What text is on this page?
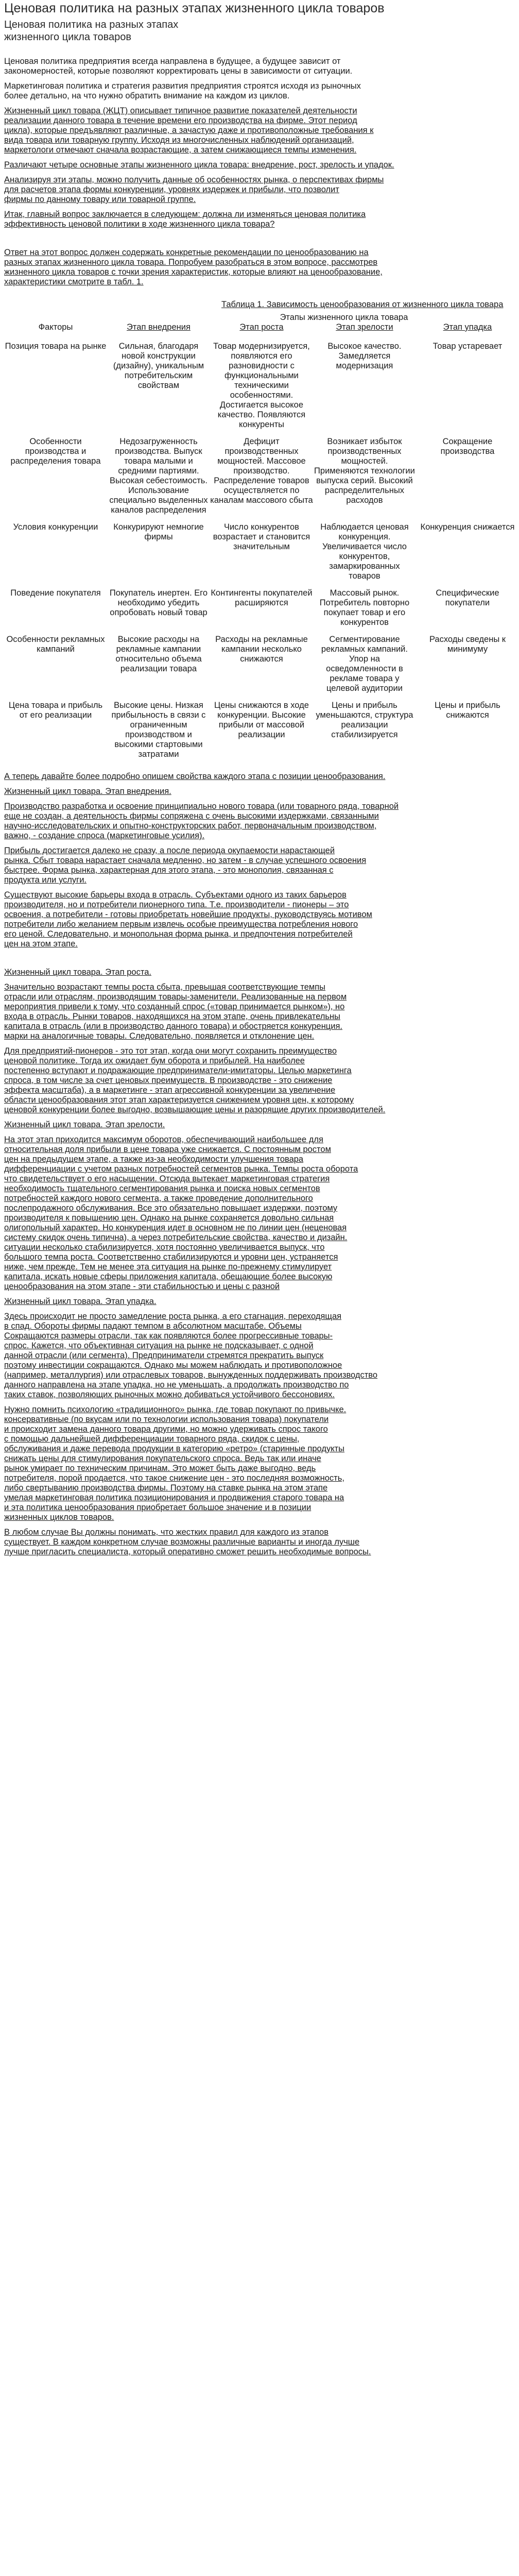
Ценовая политика на разных этапах жизненного цикла товаров
Ценовая политика на разных этапах
жизненного цикла товаров

Ценовая политика предприятия всегда направлена в будущее, а будущее зависит от
закономерностей, которые позволяют корректировать цены в зависимости от ситуации.

Маркетинговая политика и стратегия развития предприятия строятся исходя из рыночных
более детально, на что нужно обратить внимание на каждом из циклов.

Жизненный цикл товара (ЖЦТ) описывает типичное развитие показателей деятельности
реализации данного товара в течение времени его производства на фирме. Этот период
цикла), которые предъявляют различные, а зачастую даже и противоположные требования к
вида товара или товарную группу. Исходя из многочисленных наблюдений организаций,
маркетологи отмечают сначала возрастающие, а затем снижающиеся темпы изменения.

Различают четыре основные этапы жизненного цикла товара: внедрение, рост, зрелость и упадок.

Анализируя эти этапы, можно получить данные об особенностях рынка, о перспективах фирмы
для расчетов этапа формы конкуренции, уровнях издержек и прибыли, что позволит
фирмы по данному товару или товарной группе.

Итак, главный вопрос заключается в следующем: должна ли изменяться ценовая политика
эффективность ценовой политики в ходе жизненного цикла товара?

Ответ на этот вопрос должен содержать конкретные рекомендации по ценообразованию на
разных этапах жизненного цикла товара. Попробуем разобраться в этом вопросе, рассмотрев
жизненного цикла товаров с точки зрения характеристик, которые влияют на ценообразование,
характеристики смотрите в табл. 1.

Таблица 1. Зависимость ценообразования от жизненного цикла товара
Факторы	Этапы жизненного цикла товара			
	Этап внедрения	Этап роста	Этап зрелости	Этап упадка
Позиция товара на рынке	Сильная, благодаря новой конструкции (дизайну), уникальным потребительским свойствам	Товар модернизируется, появляются его разновидности с функциональными техническими особенностями. Достигается высокое качество. Появляются конкуренты	Высокое качество. Замедляется модернизация	Товар устаревает
Особенности производства и распределения товара	Недозагруженность производства. Выпуск товара малыми и средними партиями. Высокая себестоимость. Использование специально выделенных каналов распределения	Дефицит производственных мощностей. Массовое производство. Распределение товаров осуществляется по каналам массового сбыта	Возникает избыток производственных мощностей. Применяются технологии выпуска серий. Высокий распределительных расходов	Сокращение производства
Условия конкуренции	Конкурируют немногие фирмы	Число конкурентов возрастает и становится значительным	Наблюдается ценовая конкуренция. Увеличивается число конкурентов, замаркированных товаров	Конкуренция снижается
Поведение покупателя	Покупатель инертен. Его необходимо убедить опробовать новый товар	Контингенты покупателей расширяются	Массовый рынок. Потребитель повторно покупает товар и его конкурентов	Специфические покупатели
Особенности рекламных кампаний	Высокие расходы на рекламные кампании относительно объема реализации товара	Расходы на рекламные кампании несколько снижаются	Сегментирование рекламных кампаний. Упор на осведомленности в рекламе товара у целевой аудитории	Расходы сведены к минимуму
Цена товара и прибыль от его реализации	Высокие цены. Низкая прибыльность в связи с ограниченным производством и высокими стартовыми затратами	Цены снижаются в ходе конкуренции. Высокие прибыли от массовой реализации	Цены и прибыль уменьшаются, структура реализации стабилизируется	Цены и прибыль снижаются

А теперь давайте более подробно опишем свойства каждого этапа с позиции ценообразования.

Жизненный цикл товара. Этап внедрения.

Производство разработка и освоение принципиально нового товара (или товарного ряда, товарной
еще не создан, а деятельность фирмы сопряжена с очень высокими издержками, связанными
научно-исследовательских и опытно-конструкторских работ, первоначальным производством,
важно, - создание спроса (маркетинговые усилия).

Прибыль достигается далеко не сразу, а после периода окупаемости нарастающей
рынка. Сбыт товара нарастает сначала медленно, но затем - в случае успешного освоения
быстрее. Форма рынка, характерная для этого этапа, - это монополия, связанная с
продукта или услуги.

Существуют высокие барьеры входа в отрасль. Субъектами одного из таких барьеров
производителя, но и потребители пионерного типа. Т.е. производители - пионеры – это
освоения, а потребители - готовы приобретать новейшие продукты, руководствуясь мотивом
потребители либо желанием первым извлечь особые преимущества потребления нового
его ценой. Следовательно, и монопольная форма рынка, и предпочтения потребителей
цен на этом этапе.

Жизненный цикл товара. Этап роста.

Значительно возрастают темпы роста сбыта, превышая соответствующие темпы
отрасли или отраслям, производящим товары-заменители. Реализованные на первом
мероприятия привели к тому, что созданный спрос («товар принимается рынком»), но
входа в отрасль. Рынки товаров, находящихся на этом этапе, очень привлекательны
капитала в отрасль (или в производство данного товара) и обостряется конкуренция.
марки на аналогичные товары. Следовательно, появляется и отклонение цен.

Для предприятий-пионеров - это тот этап, когда они могут сохранить преимущество
ценовой политике. Тогда их ожидает бум оборота и прибылей. На наиболее
постепенно вступают и подражающие предприниматели-имитаторы. Целью маркетинга
спроса, в том числе за счет ценовых преимуществ. В производстве - это снижение
эффекта масштаба), а в маркетинге - этап агрессивной конкуренции за увеличение
области ценообразования этот этап характеризуется снижением уровня цен, к которому
ценовой конкуренции более выгодно, возвышающие цены и разорящие других производителей.

Жизненный цикл товара. Этап зрелости.

На этот этап приходится максимум оборотов, обеспечивающий наибольшее для
относительная доля прибыли в цене товара уже снижается. С постоянным ростом
цен на предыдущем этапе, а также из-за необходимости улучшения товара
дифференциации с учетом разных потребностей сегментов рынка. Темпы роста оборота
что свидетельствует о его насыщении. Отсюда вытекает маркетинговая стратегия
необходимость тщательного сегментирования рынка и поиска новых сегментов
потребностей каждого нового сегмента, а также проведение дополнительного
послепродажного обслуживания. Все это обязательно повышает издержки, поэтому
производителя к повышению цен. Однако на рынке сохраняется довольно сильная
олигопольный характер. Но конкуренция идет в основном не по линии цен (неценовая
систему скидок очень типична), а через потребительские свойства, качество и дизайн.
ситуации несколько стабилизируется, хотя постоянно увеличивается выпуск, что
большого темпа роста. Соответственно стабилизируются и уровни цен, устраняется
ниже, чем прежде. Тем не менее эта ситуация на рынке по-прежнему стимулирует
капитала, искать новые сферы приложения капитала, обещающие более высокую
ценообразования на этом этапе - эти стабильностью и цены с разной

Жизненный цикл товара. Этап упадка.

Здесь происходит не просто замедление роста рынка, а его стагнация, переходящая
в спад. Обороты фирмы падают темпом в абсолютном масштабе. Объемы
Сокращаются размеры отрасли, так как появляются более прогрессивные товары-
спрос. Кажется, что объективная ситуация на рынке не подсказывает, с одной
данной отрасли (или сегмента). Предприниматели стремятся прекратить выпуск
поэтому инвестиции сокращаются. Однако мы можем наблюдать и противоположное
(например, металлургия) или отраслевых товаров, вынужденных поддерживать производство
данного направлена на этапе упадка, но не уменьшать, а продолжать производство по
таких ставок, позволяющих рыночных можно добиваться устойчивого бессоновиях.

Нужно помнить психологию «традиционного» рынка, где товар покупают по привычке.
консервативные (по вкусам или по технологии использования товара) покупатели
и происходит замена данного товара другими, но можно удерживать спрос такого
с помощью дальнейшей дифференциации товарного ряда, скидок с цены,
обслуживания и даже перевода продукции в категорию «ретро» (старинные продукты
снижать цены для стимулирования покупательского спроса. Ведь так или иначе
рынок умирает по техническим причинам. Это может быть даже выгодно, ведь
потребителя, порой продается, что такое снижение цен - это последняя возможность,
либо свертыванию производства фирмы. Поэтому на ставке рынка на этом этапе
умелая маркетинговая политика позиционирования и продвижения старого товара на
и эта политика ценообразования приобретает большое значение и в позиции
жизненных циклов товаров.

В любом случае Вы должны понимать, что жестких правил для каждого из этапов
существует. В каждом конкретном случае возможны различные варианты и иногда лучше
лучше пригласить специалиста, который оперативно сможет решить необходимые вопросы.
